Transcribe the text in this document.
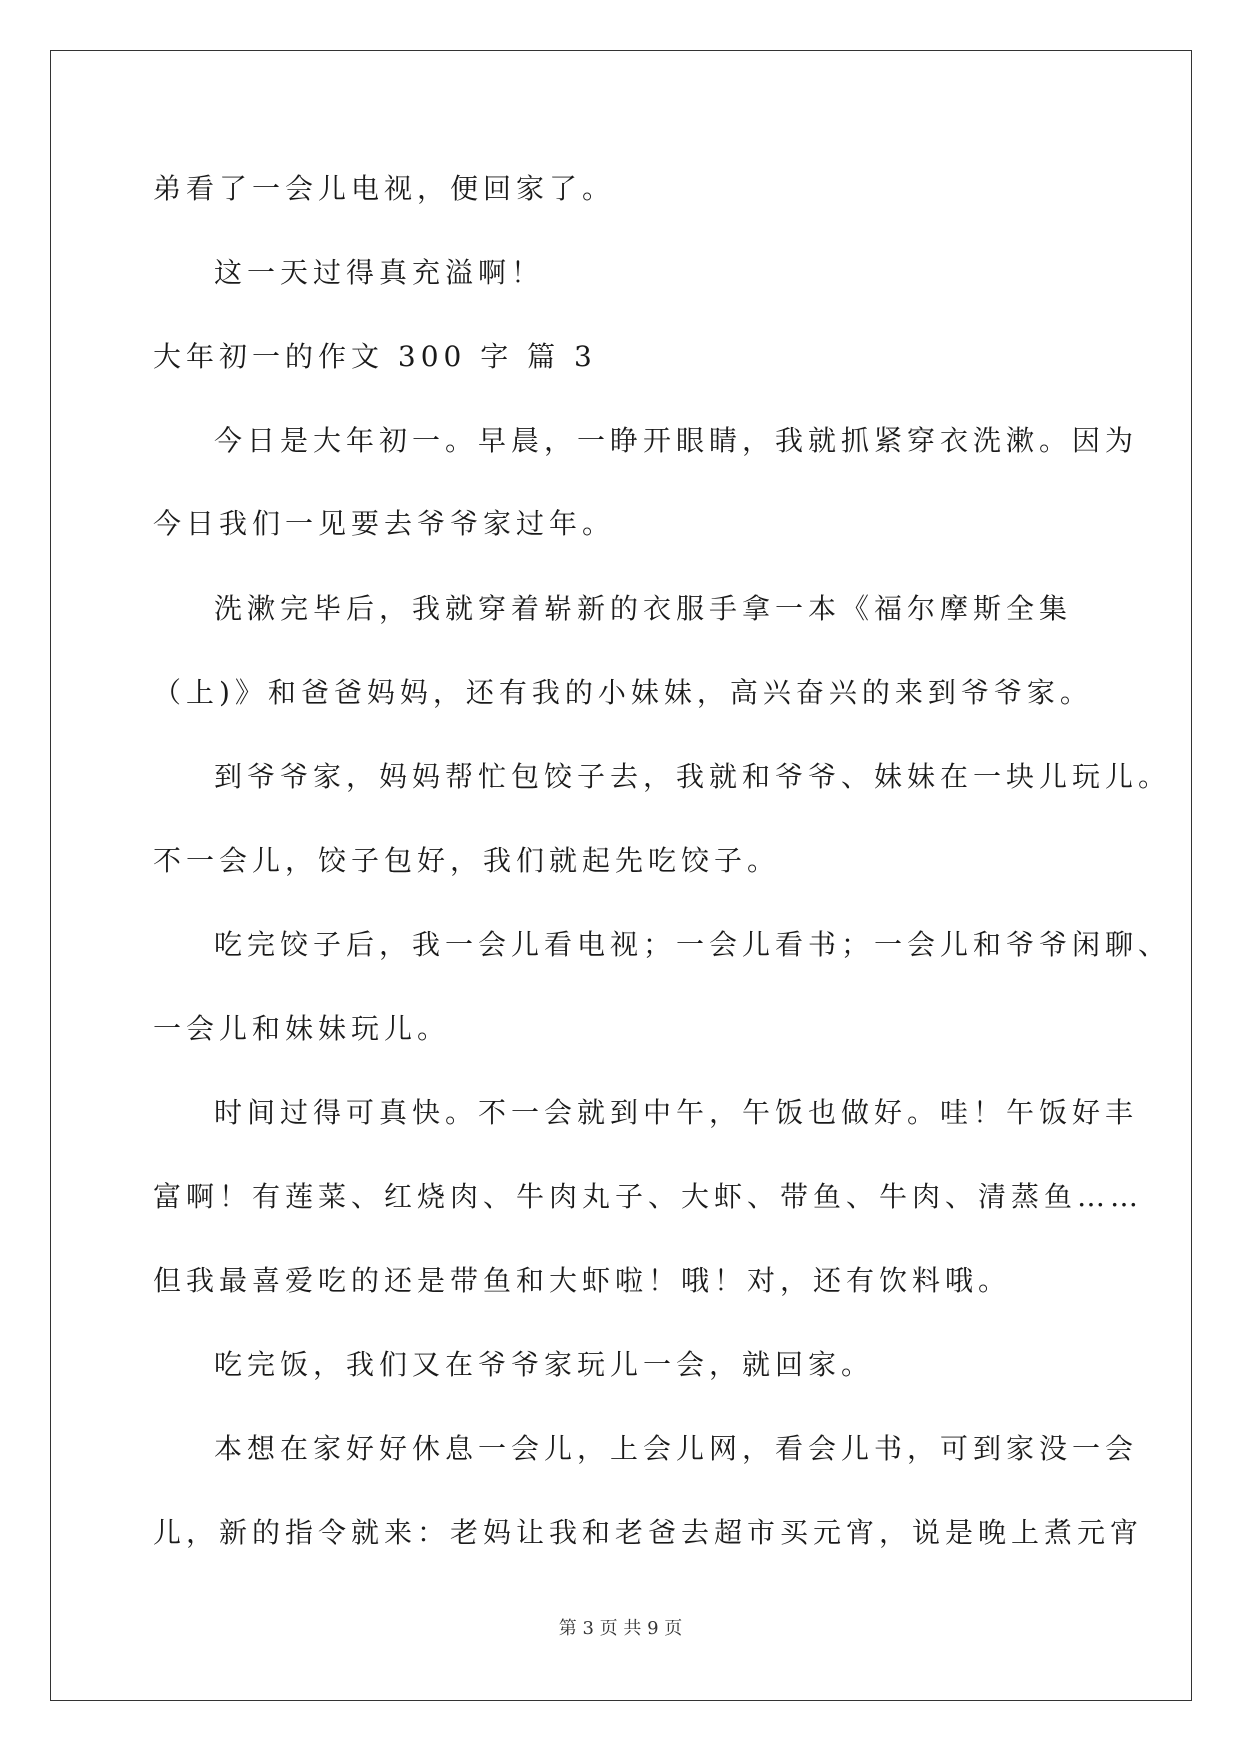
弟看了一会儿电视，便回家了。
这一天过得真充溢啊！
大年初一的作文 300 字 篇 3
今日是大年初一。早晨，一睁开眼睛，我就抓紧穿衣洗漱。因为
今日我们一见要去爷爷家过年。
洗漱完毕后，我就穿着崭新的衣服手拿一本《福尔摩斯全集
（上)》和爸爸妈妈，还有我的小妹妹，高兴奋兴的来到爷爷家。
到爷爷家，妈妈帮忙包饺子去，我就和爷爷、妹妹在一块儿玩儿。
不一会儿，饺子包好，我们就起先吃饺子。
吃完饺子后，我一会儿看电视；一会儿看书；一会儿和爷爷闲聊、
一会儿和妹妹玩儿。
时间过得可真快。不一会就到中午，午饭也做好。哇！午饭好丰
富啊！有莲菜、红烧肉、牛肉丸子、大虾、带鱼、牛肉、清蒸鱼……
但我最喜爱吃的还是带鱼和大虾啦！哦！对，还有饮料哦。
吃完饭，我们又在爷爷家玩儿一会，就回家。
本想在家好好休息一会儿，上会儿网，看会儿书，可到家没一会
儿，新的指令就来：老妈让我和老爸去超市买元宵，说是晚上煮元宵
第 3 页 共 9 页
